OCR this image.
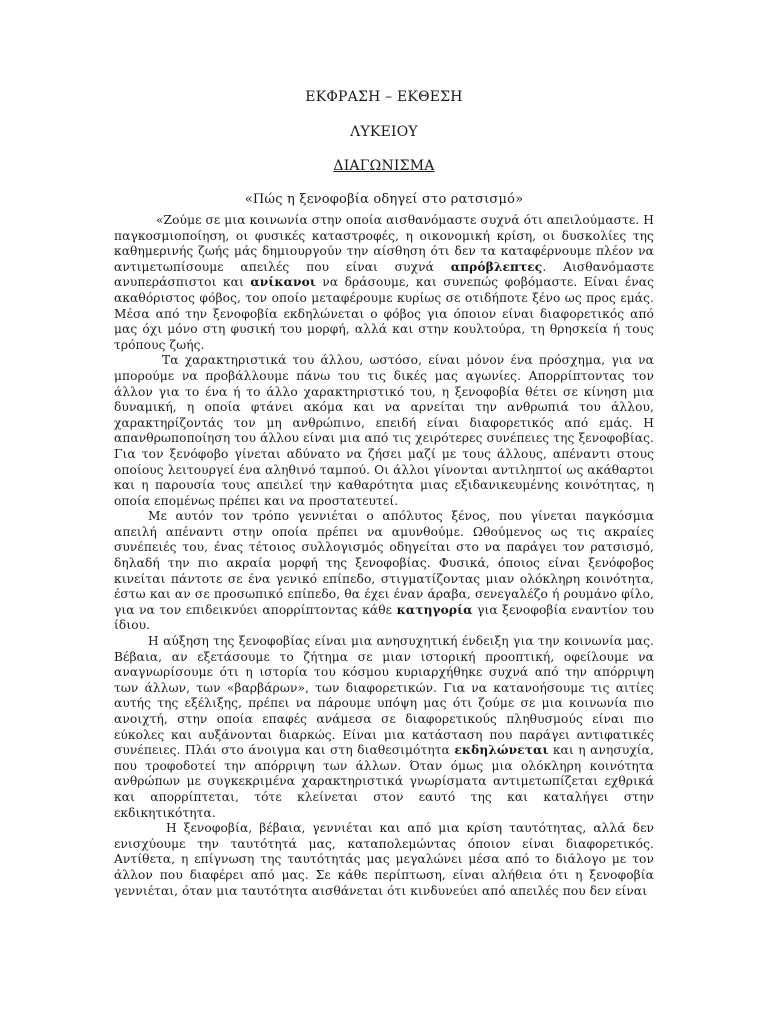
ΕΚΦΡΑΣΗ – ΕΚΘΕΣΗ
ΛΥΚΕΙΟΥ
ΔΙΑΓΩΝΙΣΜΑ
«Πώς η ξενοφοβία οδηγεί στο ρατσισμό»

«Ζούμε σε μια κοινωνία στην οποία αισθανόμαστε συχνά ότι απειλούμαστε. Η παγκοσμιοποίηση, οι φυσικές καταστροφές, η οικονομική κρίση, οι δυσκολίες της καθημερινής ζωής μάς δημιουργούν την αίσθηση ότι δεν τα καταφέρνουμε πλέον να αντιμετωπίσουμε απειλές που είναι συχνά απρόβλεπτες. Αισθανόμαστε ανυπεράσπιστοι και ανίκανοι να δράσουμε, και συνεπώς φοβόμαστε. Είναι ένας ακαθόριστος φόβος, τον οποίο μεταφέρουμε κυρίως σε οτιδήποτε ξένο ως προς εμάς. Μέσα από την ξενοφοβία εκδηλώνεται ο φόβος για όποιον είναι διαφορετικός από μας όχι μόνο στη φυσική του μορφή, αλλά και στην κουλτούρα, τη θρησκεία ή τους τρόπους ζωής.

Τα χαρακτηριστικά του άλλου, ωστόσο, είναι μόνον ένα πρόσχημα, για να μπορούμε να προβάλλουμε πάνω του τις δικές μας αγωνίες. Απορρίπτοντας τον άλλον για το ένα ή το άλλο χαρακτηριστικό του, η ξενοφοβία θέτει σε κίνηση μια δυναμική, η οποία φτάνει ακόμα και να αρνείται την ανθρωπιά του άλλου, χαρακτηρίζοντάς τον μη ανθρώπινο, επειδή είναι διαφορετικός από εμάς. Η απανθρωποποίηση του άλλου είναι μια από τις χειρότερες συνέπειες της ξενοφοβίας. Για τον ξενόφοβο γίνεται αδύνατο να ζήσει μαζί με τους άλλους, απέναντι στους οποίους λειτουργεί ένα αληθινό ταμπού. Οι άλλοι γίνονται αντιληπτοί ως ακάθαρτοι και η παρουσία τους απειλεί την καθαρότητα μιας εξιδανικευμένης κοινότητας, η οποία επομένως πρέπει και να προστατευτεί.

Με αυτόν τον τρόπο γεννιέται ο απόλυτος ξένος, που γίνεται παγκόσμια απειλή απέναντι στην οποία πρέπει να αμυνθούμε. Ωθούμενος ως τις ακραίες συνέπειές του, ένας τέτοιος συλλογισμός οδηγείται στο να παράγει τον ρατσισμό, δηλαδή την πιο ακραία μορφή της ξενοφοβίας. Φυσικά, όποιος είναι ξενόφοβος κινείται πάντοτε σε ένα γενικό επίπεδο, στιγματίζοντας μιαν ολόκληρη κοινότητα, έστω και αν σε προσωπικό επίπεδο, θα έχει έναν άραβα, σενεγαλέζο ή ρουμάνο φίλο, για να τον επιδεικνύει απορρίπτοντας κάθε κατηγορία για ξενοφοβία εναντίον του ίδιου.

Η αύξηση της ξενοφοβίας είναι μια ανησυχητική ένδειξη για την κοινωνία μας. Βέβαια, αν εξετάσουμε το ζήτημα σε μιαν ιστορική προοπτική, οφείλουμε να αναγνωρίσουμε ότι η ιστορία του κόσμου κυριαρχήθηκε συχνά από την απόρριψη των άλλων, των «βαρβάρων», των διαφορετικών. Για να κατανοήσουμε τις αιτίες αυτής της εξέλιξης, πρέπει να πάρουμε υπόψη μας ότι ζούμε σε μια κοινωνία πιο ανοιχτή, στην οποία επαφές ανάμεσα σε διαφορετικούς πληθυσμούς είναι πιο εύκολες και αυξάνονται διαρκώς. Είναι μια κατάσταση που παράγει αντιφατικές συνέπειες. Πλάι στο άνοιγμα και στη διαθεσιμότητα εκδηλώνεται και η ανησυχία, που τροφοδοτεί την απόρριψη των άλλων. Όταν όμως μια ολόκληρη κοινότητα ανθρώπων με συγκεκριμένα χαρακτηριστικά γνωρίσματα αντιμετωπίζεται εχθρικά και απορρίπτεται, τότε κλείνεται στον εαυτό της και καταλήγει στην εκδικητικότητα.

Η ξενοφοβία, βέβαια, γεννιέται και από μια κρίση ταυτότητας, αλλά δεν ενισχύουμε την ταυτότητά μας, καταπολεμώντας όποιον είναι διαφορετικός. Αντίθετα, η επίγνωση της ταυτότητάς μας μεγαλώνει μέσα από το διάλογο με τον άλλον που διαφέρει από μας. Σε κάθε περίπτωση, είναι αλήθεια ότι η ξενοφοβία γεννιέται, όταν μια ταυτότητα αισθάνεται ότι κινδυνεύει από απειλές που δεν είναι
